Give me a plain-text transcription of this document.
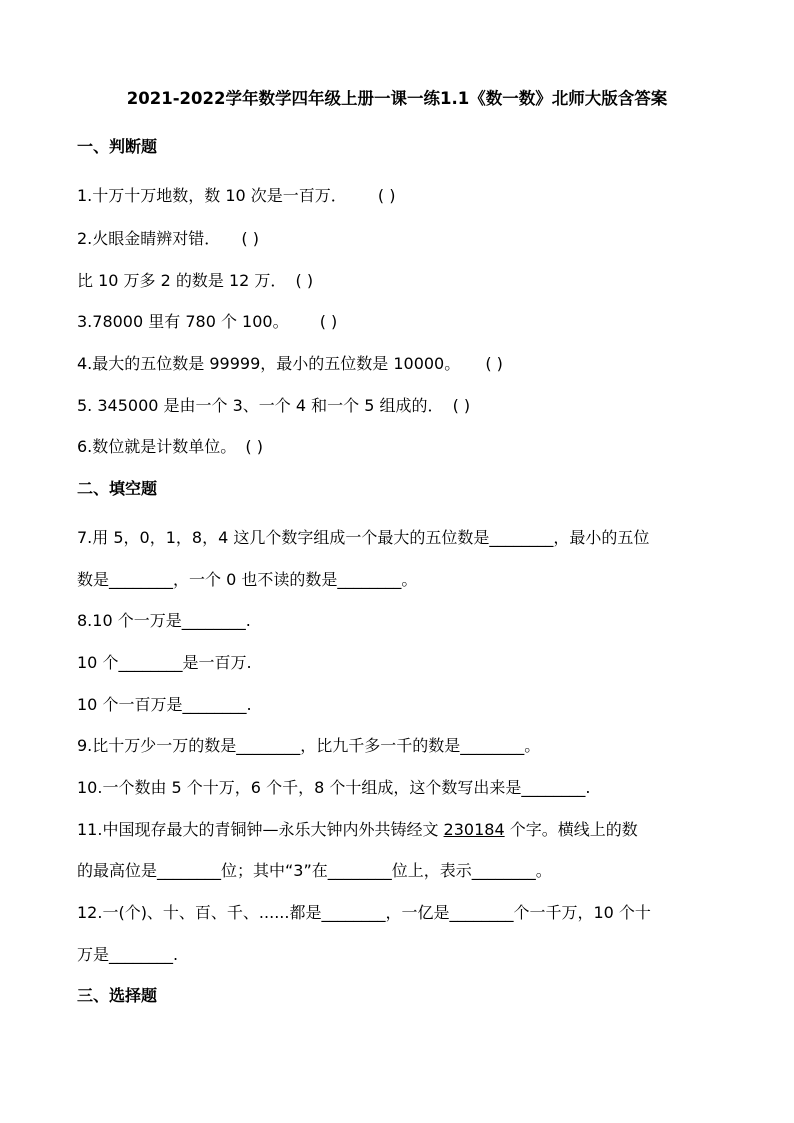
2021-2022学年数学四年级上册一课一练1.1《数一数》北师大版含答案
一、判断题
1.十万十万地数，数 10 次是一百万． ( )
2.火眼金睛辨对错． ( )
比 10 万多 2 的数是 12 万． ( )
3.78000 里有 780 个 100。 ( )
4.最大的五位数是 99999，最小的五位数是 10000。 ( )
5. 345000 是由一个 3、一个 4 和一个 5 组成的． ( )
6.数位就是计数单位。 ( )
二、填空题
7.用 5，0，1，8，4 这几个数字组成一个最大的五位数是________，最小的五位
数是________，一个 0 也不读的数是________。
8.10 个一万是________.
10 个________是一百万.
10 个一百万是________.
9.比十万少一万的数是________，比九千多一千的数是________。
10.一个数由 5 个十万，6 个千，8 个十组成，这个数写出来是________.
11.中国现存最大的青铜钟—永乐大钟内外共铸经文 230184 个字。横线上的数
的最高位是________位；其中“3”在________位上，表示________。
12.一(个)、十、百、千、......都是________，一亿是________个一千万，10 个十
万是________.
三、选择题
